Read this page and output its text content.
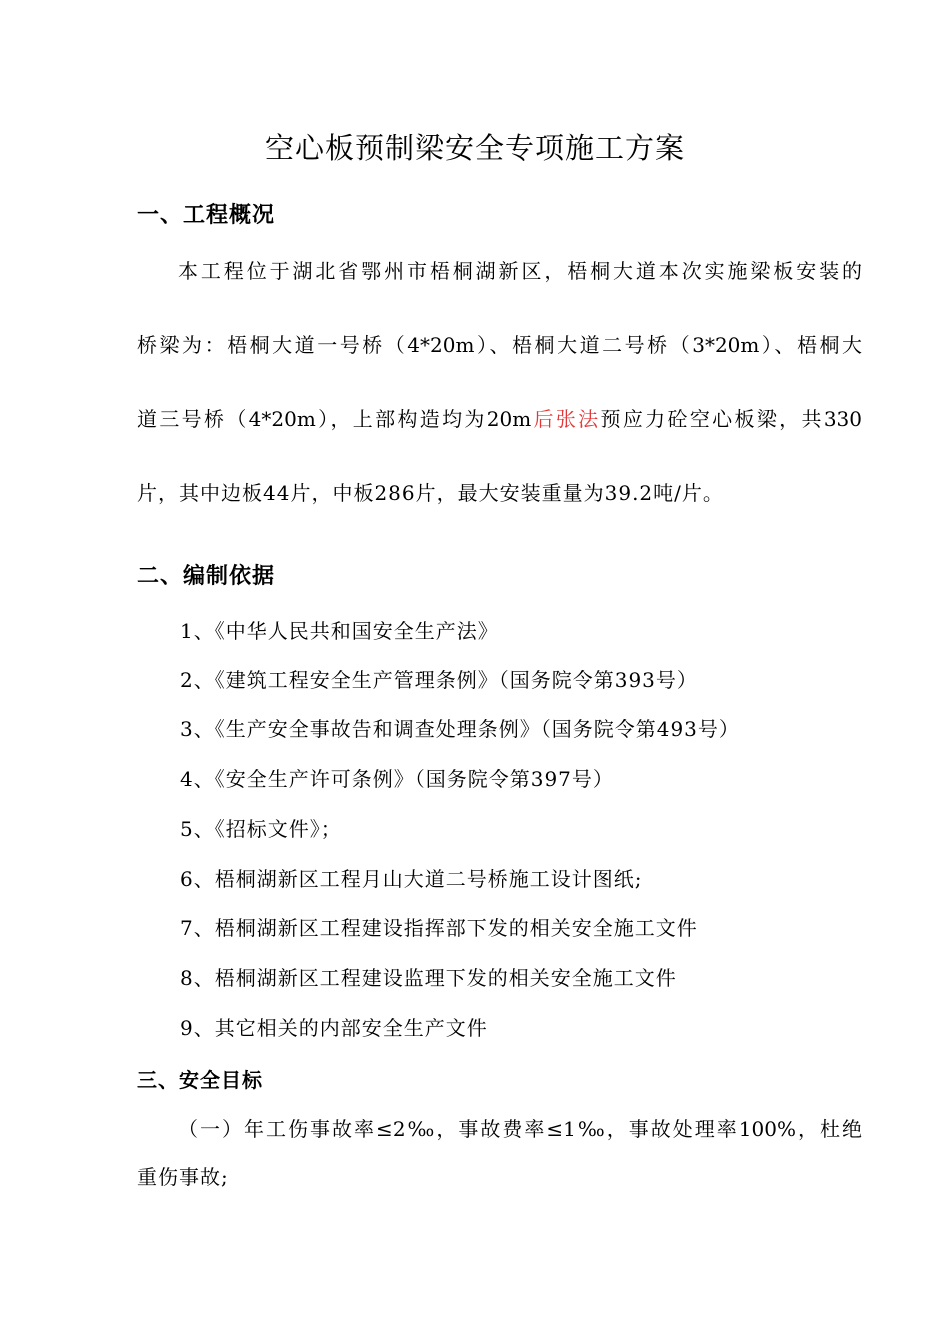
空心板预制梁安全专项施工方案
一、工程概况
本工程位于湖北省鄂州市梧桐湖新区，梧桐大道本次实施梁板安装的
桥梁为：梧桐大道一号桥（4*20m）、梧桐大道二号桥（3*20m）、梧桐大
道三号桥（4*20m），上部构造均为20m后张法预应力砼空心板梁，共330
片，其中边板44片，中板286片，最大安装重量为39.2吨/片。
二、编制依据
1、《中华人民共和国安全生产法》
2、《建筑工程安全生产管理条例》（国务院令第393号）
3、《生产安全事故告和调查处理条例》（国务院令第493号）
4、《安全生产许可条例》（国务院令第397号）
5、《招标文件》；
6、梧桐湖新区工程月山大道二号桥施工设计图纸;
7、梧桐湖新区工程建设指挥部下发的相关安全施工文件
8、梧桐湖新区工程建设监理下发的相关安全施工文件
9、其它相关的内部安全生产文件
三、安全目标
（一）年工伤事故率≤2‰，事故费率≤1‰，事故处理率100%，杜绝
重伤事故;
